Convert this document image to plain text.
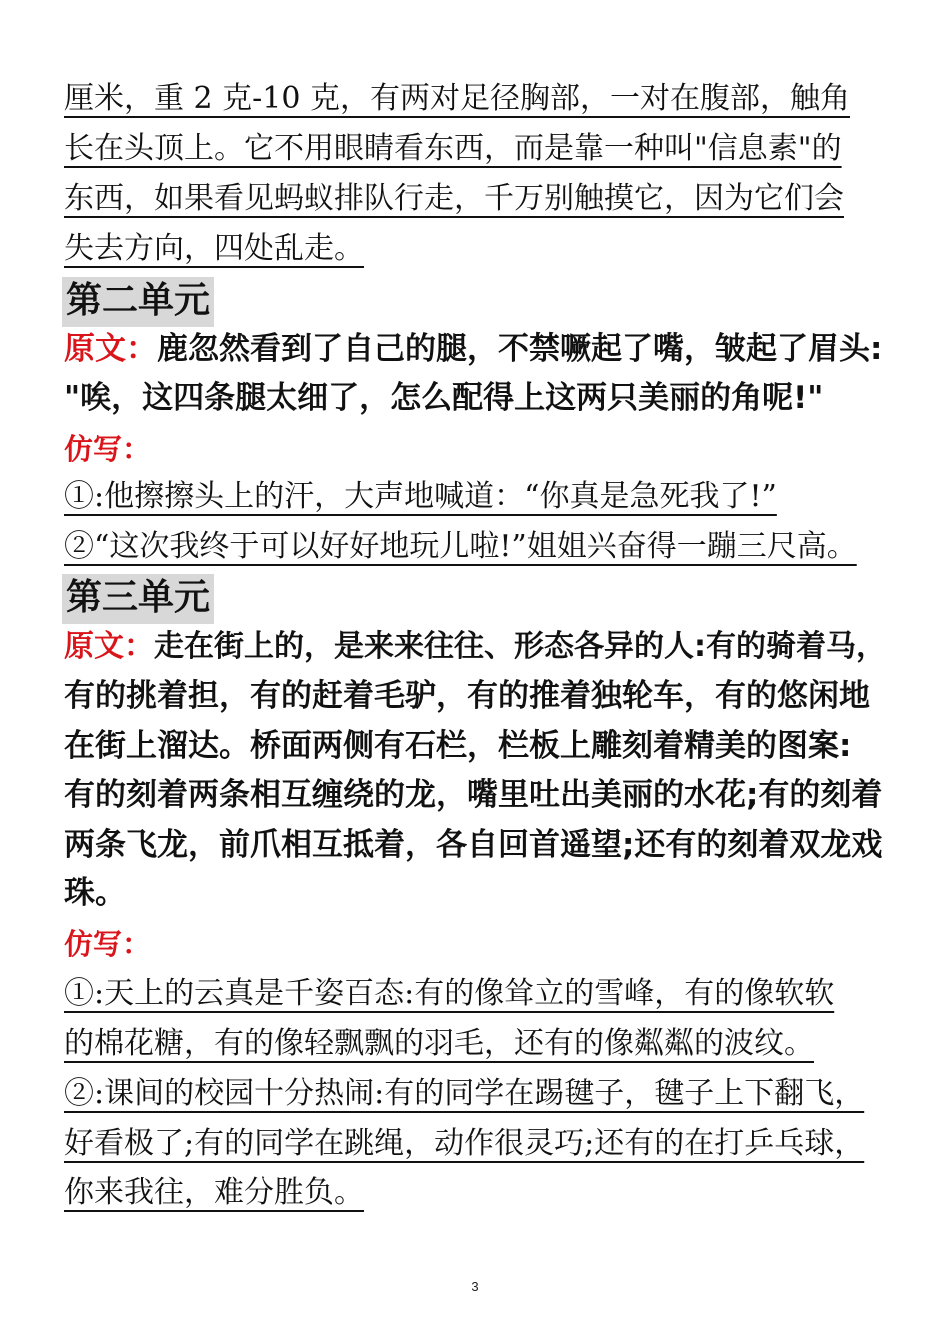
厘米，重 2 克-10 克，有两对足径胸部，一对在腹部，触角
长在头顶上。它不用眼睛看东西，而是靠一种叫"信息素"的
东西，如果看见蚂蚁排队行走，千万别触摸它，因为它们会
失去方向，四处乱走。
第二单元
原文：鹿忽然看到了自己的腿，不禁噘起了嘴，皱起了眉头:
"唉，这四条腿太细了，怎么配得上这两只美丽的角呢!"
仿写：
①:他擦擦头上的汗，大声地喊道：“你真是急死我了!”
②“这次我终于可以好好地玩儿啦!”姐姐兴奋得一蹦三尺高。
第三单元
原文：走在街上的，是来来往往、形态各异的人:有的骑着马，
有的挑着担，有的赶着毛驴，有的推着独轮车，有的悠闲地
在街上溜达。桥面两侧有石栏，栏板上雕刻着精美的图案:
有的刻着两条相互缠绕的龙，嘴里吐出美丽的水花;有的刻着
两条飞龙，前爪相互抵着，各自回首遥望;还有的刻着双龙戏
珠。
仿写：
①:天上的云真是千姿百态:有的像耸立的雪峰，有的像软软
的棉花糖，有的像轻飘飘的羽毛，还有的像粼粼的波纹。
②:课间的校园十分热闹:有的同学在踢毽子，毽子上下翻飞，
好看极了;有的同学在跳绳，动作很灵巧;还有的在打乒乓球，
你来我往，难分胜负。
3
